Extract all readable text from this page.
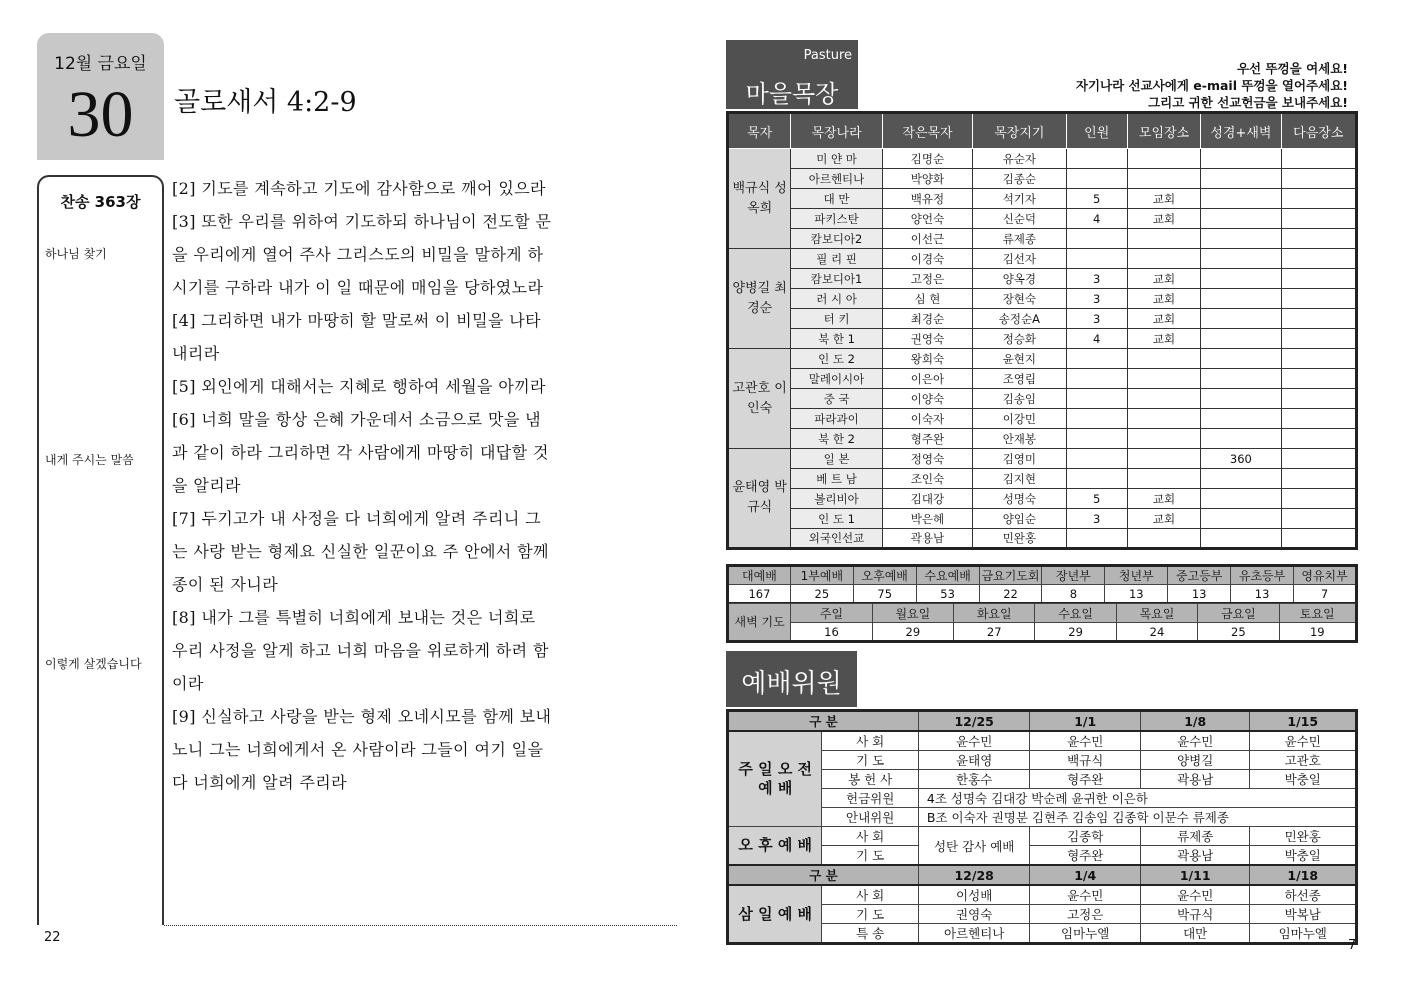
12월 금요일
30	골로새서 4:2-9
찬송 363장
하나님 찾기
내게 주시는 말씀
이렇게 살겠습니다

[2] 기도를 계속하고 기도에 감사함으로 깨어 있으라

[3] 또한 우리를 위하여 기도하되 하나님이 전도할 문

을 우리에게 열어 주사 그리스도의 비밀을 말하게 하

시기를 구하라 내가 이 일 때문에 매임을 당하였노라

[4] 그리하면 내가 마땅히 할 말로써 이 비밀을 나타

내리라

[5] 외인에게 대해서는 지혜로 행하여 세월을 아끼라

[6] 너희 말을 항상 은혜 가운데서 소금으로 맛을 냄

과 같이 하라 그리하면 각 사람에게 마땅히 대답할 것

을 알리라

[7] 두기고가 내 사정을 다 너희에게 알려 주리니 그

는 사랑 받는 형제요 신실한 일꾼이요 주 안에서 함께

종이 된 자니라

[8] 내가 그를 특별히 너희에게 보내는 것은 너희로

우리 사정을 알게 하고 너희 마음을 위로하게 하려 함

이라

[9] 신실하고 사랑을 받는 형제 오네시모를 함께 보내

노니 그는 너희에게서 온 사람이라 그들이 여기 일을

다 너희에게 알려 주리라

22
Pasture
마을목장
우선 뚜껑을 여세요!
자기나라 선교사에게 e-mail 뚜껑을 열어주세요!
그리고 귀한 선교헌금을 보내주세요!
목자	목장나라	작은목자	목장지기	인원	모임장소	성경+새벽	다음장소
백규식 성옥희	미 얀 마	김명순	유순자				
	아르헨티나	박양화	김종순				
	대 만	백유정	석기자	5	교회		
	파키스탄	양언숙	신순덕	4	교회		
	캄보디아2	이선근	류제종				
양병길 최경순	필 리 핀	이경숙	김선자				
	캄보디아1	고정은	양옥경	3	교회		
	러 시 아	심 현	장현숙	3	교회		
	터 키	최경순	송정순A	3	교회		
	북 한 1	권영숙	정승화	4	교회		
고관호 이인숙	인 도 2	왕희숙	윤현지				
	말레이시아	이은아	조영림				
	중 국	이양숙	김송임				
	파라과이	이숙자	이강민				
	북 한 2	형주완	안재봉				
윤태영 박규식	일 본	정영숙	김영미			360	
	베 트 남	조인숙	김지현				
	볼리비아	김대강	성명숙	5	교회		
	인 도 1	박은혜	양임순	3	교회		
	외국인선교	곽용남	민완홍				
대예배	1부예배	오후예배	수요예배	금요기도회	장년부	청년부	중고등부	유초등부	영유치부
167	25	75	53	22	8	13	13	13	7
새벽 기도	주일	월요일	화요일	수요일	목요일	금요일	토요일
	16	29	27	29	24	25	19
예배위원
구 분		12/25	1/1	1/8	1/15
주 일 오 전 예 배	사 회	윤수민	윤수민	윤수민	윤수민
	기 도	윤태영	백규식	양병길	고관호
	봉 헌 사	한홍수	형주완	곽용남	박충일
	헌금위원	4조 성명숙 김대강 박순례 윤귀한 이은하			
	안내위원	B조 이숙자 권명분 김현주 김송임 김종학 이문수 류제종			
오 후 예 배	사 회	성탄 감사 예배	김종학	류제종	민완홍
	기 도		형주완	곽용남	박충일
구 분		12/28	1/4	1/11	1/18
삼 일 예 배	사 회	이성배	윤수민	윤수민	하선종
	기 도	권영숙	고정은	박규식	박복남
	특 송	아르헨티나	임마누엘	대만	임마누엘
7
